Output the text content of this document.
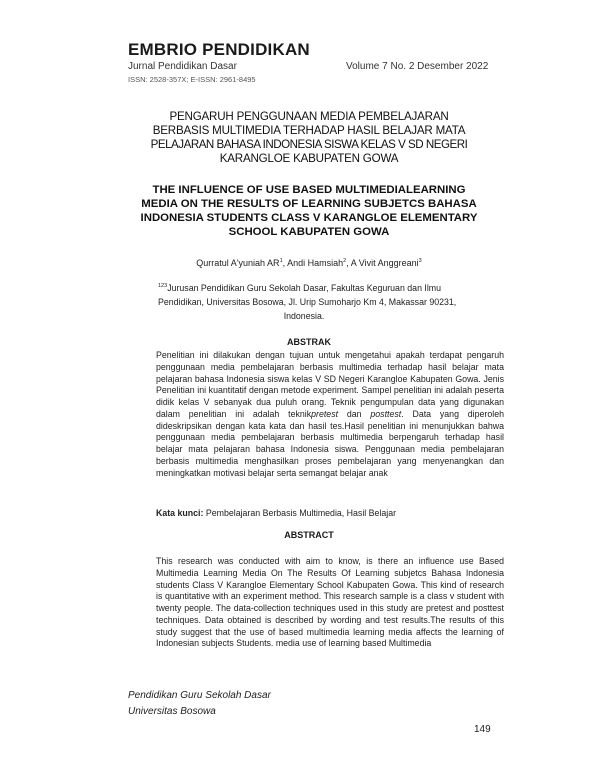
EMBRIO PENDIDIKAN
Jurnal Pendidikan Dasar	Volume 7 No. 2 Desember 2022
ISSN: 2528-357X; E-ISSN: 2961-8495
PENGARUH PENGGUNAAN MEDIA PEMBELAJARAN
BERBASIS MULTIMEDIA TERHADAP HASIL BELAJAR MATA
PELAJARAN BAHASA INDONESIA SISWA KELAS V SD NEGERI
KARANGLOE KABUPATEN GOWA
THE INFLUENCE OF USE BASED MULTIMEDIALEARNING
MEDIA ON THE RESULTS OF LEARNING SUBJETCS BAHASA
INDONESIA STUDENTS CLASS V KARANGLOE ELEMENTARY
SCHOOL KABUPATEN GOWA
Qurratul A'yuniah $AR^1$, Andi Hamsiah$^2$, A Vivit Anggreani$^3$
$^{123}$Jurusan Pendidikan Guru Sekolah Dasar, Fakultas Keguruan dan Ilmu
Pendidikan, Universitas Bosowa, Jl. Urip Sumoharjo Km 4, Makassar 90231,
Indonesia.
ABSTRAK
Penelitian ini dilakukan dengan tujuan untuk mengetahui apakah terdapat pengaruh penggunaan media pembelajaran berbasis multimedia terhadap hasil belajar mata pelajaran bahasa Indonesia siswa kelas V SD Negeri Karangloe Kabupaten Gowa. Jenis Penelitian ini kuantitatif dengan metode experiment. Sampel penelitian ini adalah peserta didik kelas V sebanyak dua puluh orang. Teknik pengumpulan data yang digunakan dalam penelitian ini adalah teknikpretest dan posttest. Data yang diperoleh dideskripsikan dengan kata kata dan hasil tes.Hasil penelitian ini menunjukkan bahwa penggunaan media pembelajaran berbasis multimedia berpengaruh terhadap hasil belajar mata pelajaran bahasa Indonesia siswa. Penggunaan media pembelajaran berbasis multimedia menghasilkan proses pembelajaran yang menyenangkan dan meningkatkan motivasi belajar serta semangat belajar anak
Kata kunci: Pembelajaran Berbasis Multimedia, Hasil Belajar
ABSTRACT
This research was conducted with aim to know, is there an influence use Based Multimedia Learning Media On The Results Of Learning subjetcs Bahasa Indonesia students Class V Karangloe Elementary School Kabupaten Gowa. This kind of research is quantitative with an experiment method. This research sample is a class v student with twenty people. The data-collection techniques used in this study are pretest and posttest techniques. Data obtained is described by wording and test results.The results of this study suggest that the use of based multimedia learning media affects the learning of Indonesian subjects Students. media use of learning based Multimedia
Pendidikan Guru Sekolah Dasar
Universitas Bosowa
149
